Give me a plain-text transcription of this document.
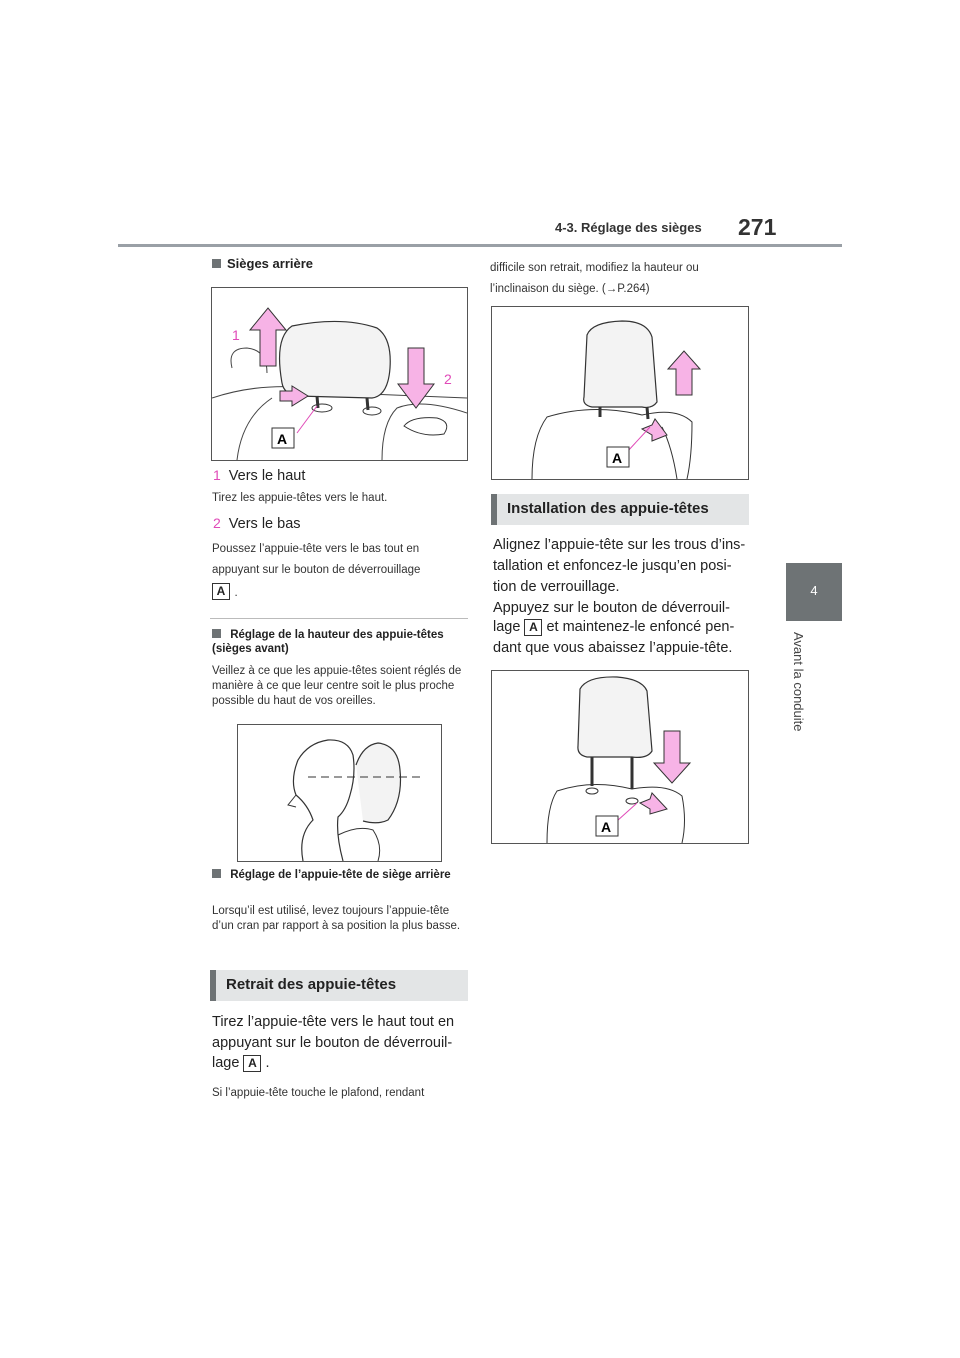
4-3. Réglage des sièges 271
4
Avant la conduite
Sièges arrière
1
2
A
1 Vers le haut
Tirez les appuie-têtes vers le haut.
2 Vers le bas
Poussez l’appuie-tête vers le bas tout en appuyant sur le bouton de déverrouillage
A .
Réglage de la hauteur des appuie-têtes (sièges avant)
Veillez à ce que les appuie-têtes soient réglés de manière à ce que leur centre soit le plus proche possible du haut de vos oreilles.
Réglage de l’appuie-tête de siège arrière
Lorsqu’il est utilisé, levez toujours l’appuie-tête d’un cran par rapport à sa position la plus basse.
Retrait des appuie-têtes
Tirez l’appuie-tête vers le haut tout en appuyant sur le bouton de déverrouil-
lage A .
Si l’appuie-tête touche le plafond, rendant
difficile son retrait, modifiez la hauteur ou l’inclinaison du siège. (→P.264)
A
Installation des appuie-têtes
Alignez l’appuie-tête sur les trous d’ins-tallation et enfoncez-le jusqu’en posi-tion de verrouillage.
Appuyez sur le bouton de déverrouil-
lage A et maintenez-le enfoncé pen-dant que vous abaissez l’appuie-tête.
A
